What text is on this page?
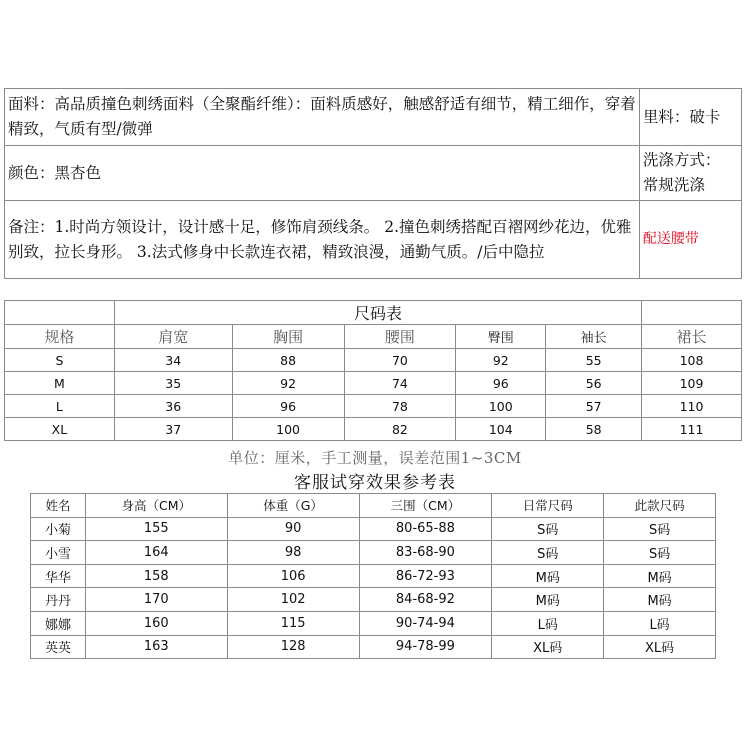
面料：高品质撞色刺绣面料（全聚酯纤维）：面料质感好，触感舒适有细节，精工细作，穿着精致，气质有型/微弹	里料：破卡
颜色：黑杏色	洗涤方式：
常规洗涤

备注：1.时尚方领设计，设计感十足，修饰肩颈线条。 2.撞色刺绣搭配百褶网纱花边，优雅别致，拉长身形。 3.法式修身中长款连衣裙，精致浪漫，通勤气质。/后中隐拉	配送腰带
	尺码表					
规格	肩宽	胸围	腰围	臀围	袖长	裙长
S	34	88	70	92	55	108
M	35	92	74	96	56	109
L	36	96	78	100	57	110
XL	37	100	82	104	58	111
单位：厘米，手工测量，误差范围1~3CM
客服试穿效果参考表
姓名	身高（CM）	体重（G）	三围（CM）	日常尺码	此款尺码
小菊	155	90	80-65-88	S码	S码
小雪	164	98	83-68-90	S码	S码
华华	158	106	86-72-93	M码	M码
丹丹	170	102	84-68-92	M码	M码
娜娜	160	115	90-74-94	L码	L码
英英	163	128	94-78-99	XL码	XL码
